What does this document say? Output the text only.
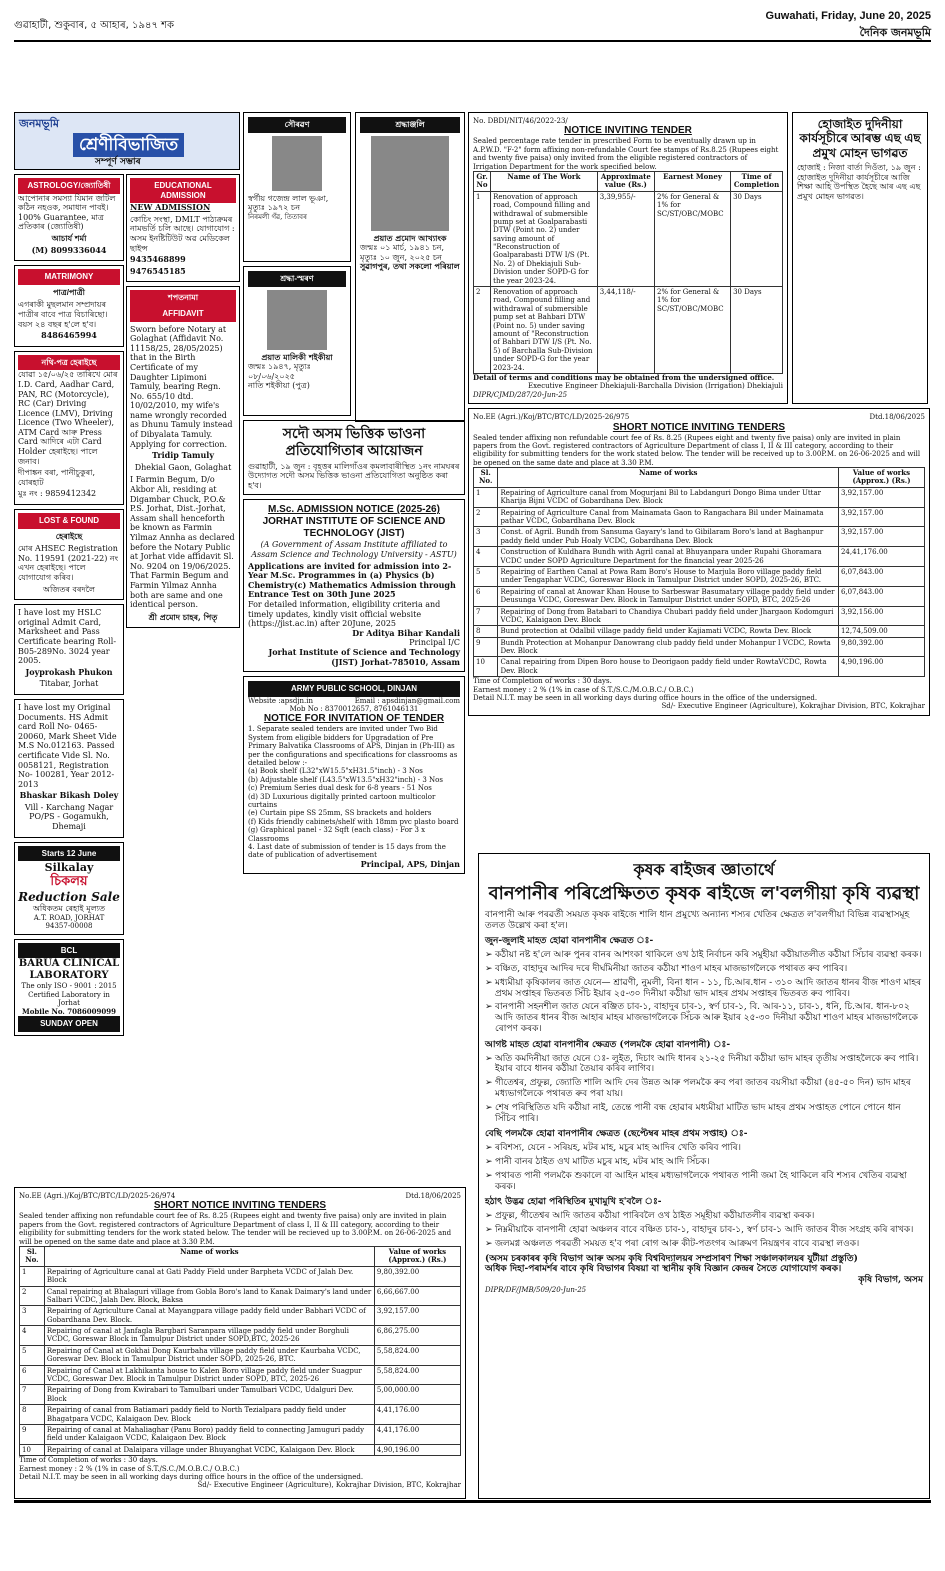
গুৱাহাটী, শুকুবাৰ, ৫ আহাৰ, ১৯৪৭ শক
Guwahati, Friday, June 20, 2025
দৈনিক জনমভূমি
জনমভূমি
শ্ৰেণীবিভাজিত
সম্পূৰ্ণ সম্ভাৰ
ASTROLOGY/জ্যোতিষী

আপোনাৰ সমস্যা যিমান জটিল কঠিন নহওক, সমাধান পাবই। 100% Guarantee, মাত্ৰ প্ৰতিকাৰ (জ্যোতিষী)

আচাৰ্য শৰ্মা

(M) 8099336044

MATRIMONY
পাত্ৰ/পাত্ৰী

এগৰাকী মুছলমান সম্প্ৰদায়ৰ পাত্ৰীৰ বাবে পাত্ৰ বিচাৰিছো। বয়স ২৪ বছৰ হ'লে হ'ব।

8486465994

নথি-পত্ৰ হেৰাইছে

যোৱা ১৫/০৬/২৫ তাৰিখে মোৰ I.D. Card, Aadhar Card, PAN, RC (Motorcycle), RC (Car) Driving Licence (LMV), Driving Licence (Two Wheeler), ATM Card আৰু Press Card আদিৰে এটা Card Holder হেৰাইছে। পালে জনাব।

দীপাঙ্কন বৰা, পানীচুকুৰা, যোৰহাট

মুঃ নং : 9859412342

LOST & FOUND
হেৰাইছে

মোৰ AHSEC Registration No. 119591 (2021-22) নং এখন হেৰাইছে। পালে যোগাযোগ কৰিব।

অজিতৰ বৰদলৈ

I have lost my HSLC original Admit Card, Marksheet and Pass Certificate bearing Roll-B05-289No. 3024 year 2005.

Joyprokash Phukon

Titabar, Jorhat

I have lost my Original Documents. HS Admit card Roll No- 0465-20060, Mark Sheet Vide M.S No.012163. Passed certificate Vide Sl. No. 0058121, Registration No- 100281, Year 2012-2013

Bhaskar Bikash Doley

Vill - Karchang Nagar PO/PS - Gogamukh, Dhemaji

Starts 12 June
Silkalay
চিকলয়
Reduction Sale
অধিকতম ৰেহাই মূল্যত
A.T. ROAD, JORHAT
94357-00008
BCL
BARUA CLINICAL LABORATORY
The only ISO - 9001 : 2015 Certified Laboratory in Jorhat
Mobile No. 7086009099
SUNDAY OPEN
EDUCATIONAL ADMISSION

NEW ADMISSION

কোচিং সংস্থা, DMLT পাঠ্যক্ৰমৰ নামভৰ্তি চলি আছে। যোগাযোগ : অসম ইনষ্টিটিউট অৱ মেডিকেল ছাইন্স

9435468899

9476545185

শপতনামা
AFFIDAVIT

Sworn before Notary at Golaghat (Affidavit No. 11158/25, 28/05/2025) that in the Birth Certificate of my Daughter Lipimoni Tamuly, bearing Regn. No. 655/10 dtd. 10/02/2010, my wife's name wrongly recorded as Dhunu Tamuly instead of Dibyalata Tamuly. Applying for correction.

Tridip Tamuly

Dhekial Gaon, Golaghat

I Farmin Begum, D/o Akbor Ali, residing at Digambar Chuck, P.O.& P.S. Jorhat, Dist.-Jorhat, Assam shall henceforth be known as Farmin Yilmaz Annha as declared before the Notary Public at Jorhat vide affidavit Sl. No. 9204 on 19/06/2025. That Farmin Begum and Farmin Yilmaz Annha both are same and one identical person.

শ্ৰী প্ৰমোদ চাহৰ, পিতৃ

সৌৰৱণ

স্বৰ্গীয় গজেন্দ্ৰ লাল ভূঞা, মৃত্যুঃ ১৯৭২ চন

নিৰমলী গঁৱ, তিতাবৰ

শ্ৰদ্ধাঞ্জলি

প্ৰয়াত প্ৰমোদ আখ্যাংক

জন্মঃ ০১ মাৰ্চ, ১৯৪১ চন, মৃত্যুঃ ১০ জুন, ২০২৫ চন

সুৱাগপুৰ, তথা সকলো পৰিয়াল

শ্ৰদ্ধা-স্মৰণ

প্ৰয়াত মালিকী শইকীয়া

জন্মঃ ১৯৪৭, মৃত্যুঃ ০৮/০৬/২০২৫

নাতি শইকীয়া (পুত্ৰ)

সদৌ অসম ভিত্তিক ভাওনা প্ৰতিযোগিতাৰ আয়োজন

গুৱাহাটী, ১৯ জুন : বৃহত্তৰ মালিগাঁওৰ কমলাবাৰীস্থিত ১নং নামঘৰৰ উদ্যোগত সদৌ অসম ভিত্তিক ভাওনা প্ৰতিযোগিতা অনুষ্ঠিত কৰা হ'ব।

M.Sc. ADMISSION NOTICE (2025-26)
JORHAT INSTITUTE OF SCIENCE AND TECHNOLOGY (JIST)

(A Government of Assam Institute affiliated to Assam Science and Technology University - ASTU)

Applications are invited for admission into 2-Year M.Sc. Programmes in (a) Physics (b) Chemistry(c) Mathematics Admission through Entrance Test on 30th June 2025

For detailed information, eligibility criteria and timely updates, kindly visit official website (https://jist.ac.in) after 20June, 2025

Dr Aditya Bihar Kandali

Principal I/C

Jorhat Institute of Science and Technology (JIST) Jorhat-785010, Assam

ARMY PUBLIC SCHOOL, DINJAN
Website :apsdjn.in	Email : apsdinjan@gmail.com

Mob No : 8370012657, 8761046131

NOTICE FOR INVITATION OF TENDER

1. Separate sealed tenders are invited under Two Bid System from eligible bidders for Upgradation of Pre Primary Balvatika Classrooms of APS, Dinjan in (Ph-III) as per the configurations and specifications for classrooms as detailed below :-

(a) Book shelf (L32"xW15.5"xH31.5"inch) - 3 Nos

(b) Adjustable shelf (L43.5"xW13.5"xH32"inch) - 3 Nos

(c) Premium Series dual desk for 6-8 years - 51 Nos

(d) 3D Luxurious digitally printed cartoon multicolor curtains

(e) Curtain pipe SS 25mm, SS brackets and holders

(f) Kids friendly cabinets/shelf with 18mm pvc plasto board

(g) Graphical panel - 32 Sqft (each class) - For 3 x Classrooms

4. Last date of submission of tender is 15 days from the date of publication of advertisement

Principal, APS, Dinjan

No. DBDI/NIT/46/2022-23/

NOTICE INVITING TENDER

Sealed percentage rate tender in prescribed Form to be eventually drawn up in A.P.W.D. "F-2" form affixing non-refundable Court fee stamps of Rs.8.25 (Rupees eight and twenty five paisa) only invited from the eligible registered contractors of Irrigation Department for the work specified below.

Gr. No	Name of The Work	Approximate value (Rs.)	Earnest Money	Time of Completion
1	Renovation of approach road, Compound filling and withdrawal of submersible pump set at Goalparabasti DTW (Point no. 2) under saving amount of "Reconstruction of Goalparabasti DTW I/S (Pt. No. 2) of Dhekiajuli Sub-Division under SOPD-G for the year 2023-24.	3,39,955/-	2% for General & 1% for SC/ST/OBC/MOBC	30 Days
2	Renovation of approach road, Compound filling and withdrawal of submersible pump set at Bahbari DTW (Point no. 5) under saving amount of "Reconstruction of Bahbari DTW I/S (Pt. No. 5) of Barchalla Sub-Division under SOPD-G for the year 2023-24.	3,44,118/-	2% for General & 1% for SC/ST/OBC/MOBC	30 Days

Detail of terms and conditions may be obtained from the undersigned office.

Executive Engineer Dhekiajuli-Barchalla Division (Irrigation) Dhekiajuli

DIPR/CJMD/287/20-Jun-25

হোজাইত দুদিনীয়া কাৰ্যসূচীৰে আৰম্ভ এছ এছ প্ৰমুখ মোহন ভাগৱত

হোজাই : নিজা বাৰ্তা দিওঁতা, ১৯ জুন : হোজাইত দুদিনীয়া কাৰ্যসূচীৰে আজি শিক্ষা আহি উপস্থিত হৈছে আৰ এছ এছ প্ৰমুখ মোহন ভাগৱত।

No.EE (Agri.)/Koj/BTC/BTC/LD/2025-26/975	Dtd.18/06/2025
SHORT NOTICE INVITING TENDERS

Sealed tender affixing non refundable court fee of Rs. 8.25 (Rupees eight and twenty five paisa) only are invited in plain papers from the Govt. registered contractors of Agriculture Department of class I, II & III category, according to their eligibility for submitting tenders for the work stated below. The tender will be received up to 3.00P.M. on 26-06-2025 and will be opened on the same date and place at 3.30 P.M.

Sl. No.	Name of works	Value of works (Approx.) (Rs.)
1	Repairing of Agriculture canal from Mogurjani Bil to Labdanguri Dongo Bima under Uttar Kharija Bijni VCDC of Gobardhana Dev. Block	3,92,157.00
2	Repairing of Agriculture Canal from Mainamata Gaon to Rangachara Bil under Mainamata pathar VCDC, Gobardhana Dev. Block	3,92,157.00
3	Const. of Agril. Bundh from Sansuma Gayary's land to Gibilaram Boro's land at Baghanpur paddy field under Pub Hoaly VCDC, Gobardhana Dev. Block	3,92,157.00
4	Construction of Kuldhara Bundh with Agril canal at Bhuyanpara under Rupahi Ghoramara VCDC under SOPD Agriculture Department for the financial year 2025-26	24,41,176.00
5	Repairing of Earthen Canal at Powa Ram Boro's House to Marjula Boro village paddy field under Tengaphar VCDC, Goreswar Block in Tamulpur District under SOPD, 2025-26, BTC.	6,07,843.00
6	Repairing of canal at Anowar Khan House to Sarbeswar Basumatary village paddy field under Deusunga VCDC, Goreswar Dev. Block in Tamulpur District under SOPD, BTC, 2025-26	6,07,843.00
7	Repairing of Dong from Batabari to Chandiya Chubari paddy field under Jhargaon Kodomguri VCDC, Kalaigaon Dev. Block	3,92,156.00
8	Bund protection at Odalbil village paddy field under Kajiamati VCDC, Rowta Dev. Block	12,74,509.00
9	Bundh Protection at Mohanpur Danowrang club paddy field under Mohanpur I VCDC, Rowta Dev. Block	9,80,392.00
10	Canal repairing from Dipen Boro house to Deorigaon paddy field under RowtaVCDC, Rowta Dev. Block	4,90,196.00

Time of Completion of works : 30 days.

Earnest money : 2 % (1% in case of S.T./S.C./M.O.B.C./ O.B.C.)

Detail N.I.T. may be seen in all working days during office hours in the office of the undersigned.

Sd/- Executive Engineer (Agriculture), Kokrajhar Division, BTC, Kokrajhar

No.EE (Agri.)/Koj/BTC/BTC/LD/2025-26/974	Dtd.18/06/2025
SHORT NOTICE INVITING TENDERS

Sealed tender affixing non refundable court fee of Rs. 8.25 (Rupees eight and twenty five paisa) only are invited in plain papers from the Govt. registered contractors of Agriculture Department of class I, II & III category, according to their eligibility for submitting tenders for the work stated below. The tender will be recieved up to 3.00P.M. on 26-06-2025 and will be opened on the same date and place at 3.30 P.M.

Sl. No.	Name of works	Value of works (Approx.) (Rs.)
1	Repairing of Agriculture canal at Gati Paddy Field under Barpheta VCDC of Jalah Dev. Block	9,80,392.00
2	Canal repairing at Bhalaguri village from Gobla Boro's land to Kanak Daimary's land under Salbari VCDC, Jalah Dev. Block, Baksa	6,66,667.00
3	Repairing of Agriculture Canal at Mayangpara village paddy field under Babhari VCDC of Gobardhana Dev. Block.	3,92,157.00
4	Repairing of canal at Janfagla Bargbari Saranpara village paddy field under Borghuli VCDC, Goreswar Block in Tamulpur District under SOPD,BTC, 2025-26	6,86,275.00
5	Repairing of Canal at Gokhai Dong Kaurbaha village paddy field under Kaurbaha VCDC, Goreswar Dev. Block in Tamulpur District under SOPD, 2025-26, BTC.	5,58,824.00
6	Repairing of Canal at Lakhikanta house to Kalen Boro village paddy field under Suagpur VCDC, Goreswar Dev. Block in Tamulpur District under SOPD, BTC, 2025-26	5,58,824.00
7	Repairing of Dong from Kwirabari to Tamulbari under Tamulbari VCDC, Udalguri Dev. Block	5,00,000.00
8	Repairing of canal from Batiamari paddy field to North Tezialpara paddy field under Bhagatpara VCDC, Kalaigaon Dev. Block	4,41,176.00
9	Repairing of canal at Mahaliaghar (Panu Boro) paddy field to connecting Jamuguri paddy field under Kalaigaon VCDC, Kalaigaon Dev. Block	4,41,176.00
10	Repairing of canal at Dalaipara village under Bhuyanghat VCDC, Kalaigaon Dev. Block	4,90,196.00

Time of Completion of works : 30 days.

Earnest money : 2 % (1% in case of S.T./S.C./M.O.B.C./ O.B.C.)

Detail N.I.T. may be seen in all working days during office hours in the office of the undersigned.

Sd/- Executive Engineer (Agriculture), Kokrajhar Division, BTC, Kokrajhar

কৃষক ৰাইজৰ জ্ঞাতাৰ্থে
বানপানীৰ পৰিপ্ৰেক্ষিতত কৃষক ৰাইজে ল'বলগীয়া কৃষি ব্যৱস্থা

বানপানী আৰু পৰৱৰ্তী সময়ত কৃষক ৰাইজে শালি ধান প্ৰমুখ্যে অন্যান্য শস্যৰ খেতিৰ ক্ষেত্ৰত ল'বলগীয়া বিভিন্ন ব্যৱস্থাসমূহ তলত উল্লেখ কৰা হ'ল।

জুন-জুলাই মাহত হোৱা বানপানীৰ ক্ষেত্ৰত ঃ-
➢ কঠীয়া নষ্ট হ'লে আৰু পুনৰ বানৰ আশংকা থাকিলে ওখ ঠাই নিৰ্বাচন কৰি সমুহীয়া কঠীয়াতলীত কঠীয়া সিঁচাৰ ব্যৱস্থা কৰক।
➢ বঞ্চিত, বাহাদুৰ আদিৰ দৰে দীৰ্ঘমিনীয়া জাতৰ কঠীয়া শাওণ মাহৰ মাজভাগলৈকে পথাৰত ৰুব পাৰিব।
➢ মধ্যমীয়া কৃষিকালৰ জাত যেনে— শ্ৰাৱণী, নুমলী, বিনা ধান - ১১, চি.আৰ.ধান - ৩১০ আদি জাতৰ ধানৰ বীজ শাওণ মাহৰ প্ৰথম সপ্তাহৰ ভিতৰত সিঁচি ইয়াৰ ২৫-৩০ দিনীয়া কঠীয়া ভাদ মাহৰ প্ৰথম সপ্তাহৰ ভিতৰত ৰুব পাৰিব।
➢ বানপানী সহনশীল জাত যেনে ৰঞ্জিত চাব-১, বাহাদুৰ চাব-১, স্বৰ্ণ চাব-১, বি. আৰ-১১, চাব-১, ধনি, চি.আৰ. ধান-৮০২ আদি জাতৰ ধানৰ বীজ আহাৰ মাহৰ মাজভাগলৈকে সিঁচক আৰু ইয়াৰ ২৫-৩০ দিনীয়া কঠীয়া শাওণ মাহৰ মাজভাগলৈকে ৰোপণ কৰক।
আগষ্ট মাহত হোৱা বানপানীৰ ক্ষেত্ৰত (পলমকৈ হোৱা বানপানী) ঃ-
➢ অতি কমদিনীয়া জাত যেনে ঃ- লুইত, দিচাং আদি ধানৰ ২১-২৫ দিনীয়া কঠীয়া ভাদ মাহৰ তৃতীয় সপ্তাহলৈকে ৰুব পাৰি। ইয়াৰ বাবে ধানৰ কঠীয়া তৈয়াৰ কৰিব লাগিব।
➢ গীতেশ্বৰ, প্ৰফুল্ল, জ্যোতি শালি আদি দেৰ উন্নত আৰু পলমকৈ ৰুব পৰা জাতৰ বয়সীয়া কঠীয়া (৪৫-৫০ দিন) ভাদ মাহৰ মধ্যভাগলৈকে পথাৰত ৰুব পৰা যায়।
➢ শেষ পৰিস্থিতিত যদি কঠীয়া নাই, তেন্তে পানী বন্ধ হোৱাৰ মধ্যমীয়া মাটিত ভাদ মাহৰ প্ৰথম সপ্তাহত পোনে পোনে ধান সিঁচিব পাৰি।
বেছি পলমকৈ হোৱা বানপানীৰ ক্ষেত্ৰত (ছেপ্টেম্বৰ মাহৰ প্ৰথম সপ্তাহ) ঃ-
➢ ৰবিশস্য, যেনে - সৰিয়হ, মটৰ মাহ, মচুৰ মাহ আদিৰ খেতি কৰিব পাৰি।
➢ পানী বানৰ ঠাইত ওখ মাটিত মচুৰ মাহ, মটৰ মাহ আদি সিঁচক।
➢ পথাৰত পানী পলমকৈ শুকালে বা আহিন মাহৰ মধ্যভাগলৈকে পথাৰত পানী জমা হৈ থাকিলে ৰবি শস্যৰ খেতিৰ ব্যৱস্থা কৰক।
হঠাৎ উদ্ভৱ হোৱা পৰিস্থিতিৰ মুখামুখি হ'বলৈ ঃ-
➢ প্ৰফুল্ল, গীতেশ্বৰ আদি জাতৰ কঠীয়া পাৰিবলৈ ওখ ঠাইত সমূহীয়া কঠীয়াতলীৰ ব্যৱস্থা কৰক।
➢ নিম্নমীয়াকৈ বানপানী হোৱা অঞ্চলৰ বাবে বঞ্চিত চাব-১, বাহাদুৰ চাব-১, স্বৰ্ণ চাব-১ আদি জাতৰ বীজ সংগ্ৰহ কৰি ৰাখক।
➢ জলমগ্ন অঞ্চলত পৰৱৰ্তী সময়ত হ'ব পৰা ৰোগ আৰু কীট-পতংগৰ আক্ৰমণ নিয়ন্ত্ৰণৰ বাবে ব্যৱস্থা লওক।

(অসম চৰকাৰৰ কৃষি বিভাগ আৰু অসম কৃষি বিশ্ববিদ্যালয়ৰ সম্প্ৰসাৰণ শিক্ষা সঞ্চালকালয়ৰ যুটীয়া প্ৰস্তুতি)

অধিক দিহা-পৰামৰ্শৰ বাবে কৃষি বিভাগৰ বিষয়া বা স্থানীয় কৃষি বিজ্ঞান কেন্দ্ৰৰ সৈতে যোগাযোগ কৰক।

কৃষি বিভাগ, অসম

DIPR/DF/JMB/509/20-Jun-25
